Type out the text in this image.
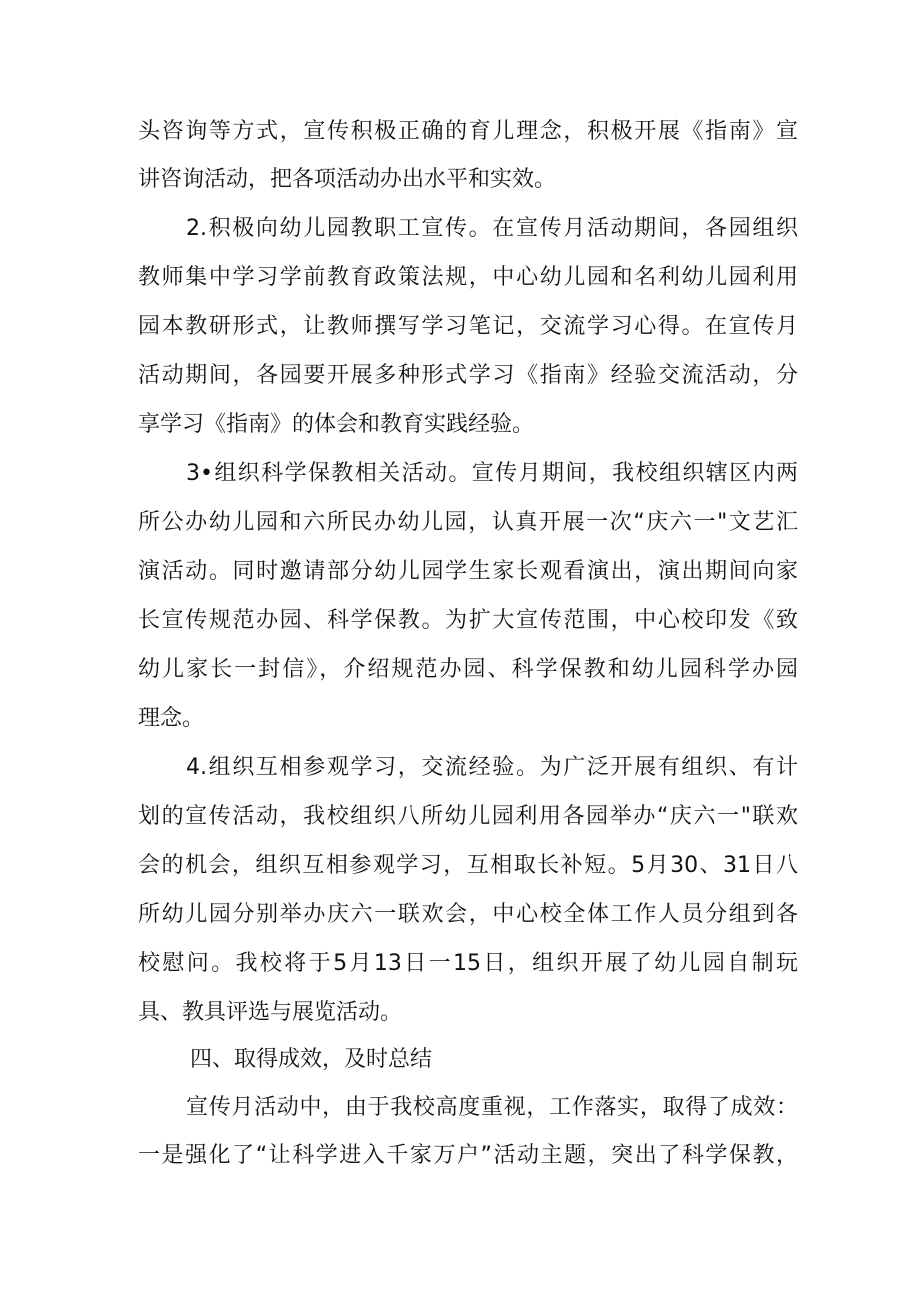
头咨询等方式，宣传积极正确的育儿理念，积极开展《指南》宣
讲咨询活动，把各项活动办出水平和实效。
2.积极向幼儿园教职工宣传。在宣传月活动期间，各园组织
教师集中学习学前教育政策法规，中心幼儿园和名利幼儿园利用
园本教研形式，让教师撰写学习笔记，交流学习心得。在宣传月
活动期间，各园要开展多种形式学习《指南》经验交流活动，分
享学习《指南》的体会和教育实践经验。
3•组织科学保教相关活动。宣传月期间，我校组织辖区内两
所公办幼儿园和六所民办幼儿园，认真开展一次“庆六一"文艺汇
演活动。同时邀请部分幼儿园学生家长观看演出，演出期间向家
长宣传规范办园、科学保教。为扩大宣传范围，中心校印发《致
幼儿家长一封信》，介绍规范办园、科学保教和幼儿园科学办园
理念。
4.组织互相参观学习，交流经验。为广泛开展有组织、有计
划的宣传活动，我校组织八所幼儿园利用各园举办“庆六一"联欢
会的机会，组织互相参观学习，互相取长补短。5月30、31日八
所幼儿园分别举办庆六一联欢会，中心校全体工作人员分组到各
校慰问。我校将于5月13日一15日，组织开展了幼儿园自制玩
具、教具评选与展览活动。
四、取得成效，及时总结
宣传月活动中，由于我校高度重视，工作落实，取得了成效：
一是强化了“让科学进入千家万户”活动主题，突出了科学保教，
